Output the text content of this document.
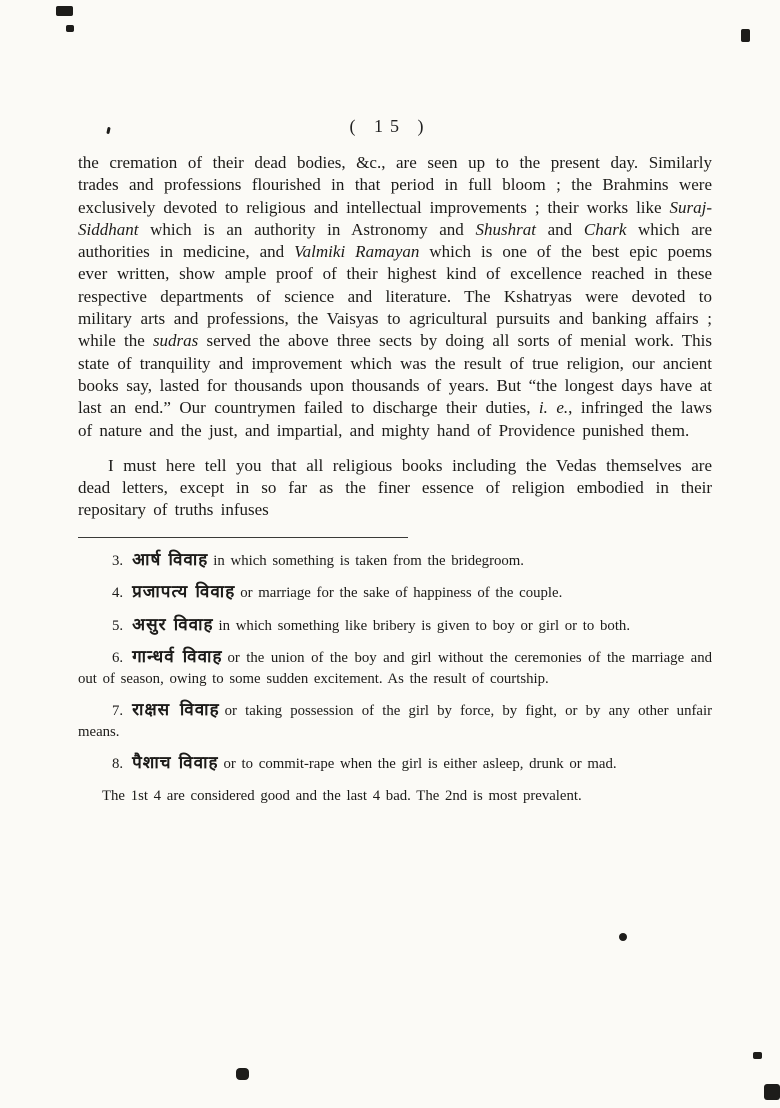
( 15 )

the cremation of their dead bodies, &c., are seen up to the present day. Similarly trades and professions flourished in that period in full bloom ; the Brahmins were exclusively devoted to religious and intellectual improvements ; their works like Suraj-Siddhant which is an authority in Astronomy and Shushrat and Chark which are authorities in medicine, and Valmiki Ramayan which is one of the best epic poems ever written, show ample proof of their highest kind of excellence reached in these respective departments of science and literature. The Kshatryas were devoted to military arts and professions, the Vaisyas to agricultural pursuits and banking affairs ; while the sudras served the above three sects by doing all sorts of menial work. This state of tranquility and improvement which was the result of true religion, our ancient books say, lasted for thousands upon thousands of years. But “the longest days have at last an end.” Our countrymen failed to discharge their duties, i. e., infringed the laws of nature and the just, and impartial, and mighty hand of Providence punished them.

I must here tell you that all religious books including the Vedas themselves are dead letters, except in so far as the finer essence of religion embodied in their repositary of truths infuses

3. आर्ष विवाह in which something is taken from the bridegroom.

4. प्रजापत्य विवाह or marriage for the sake of happiness of the couple.

5. असुर विवाह in which something like bribery is given to boy or girl or to both.

6. गान्धर्व विवाह or the union of the boy and girl without the ceremonies of the marriage and out of season, owing to some sudden excitement. As the result of courtship.

7. राक्षस विवाह or taking possession of the girl by force, by fight, or by any other unfair means.

8. पैशाच विवाह or to commit-rape when the girl is either asleep, drunk or mad.

The 1st 4 are considered good and the last 4 bad. The 2nd is most prevalent.
